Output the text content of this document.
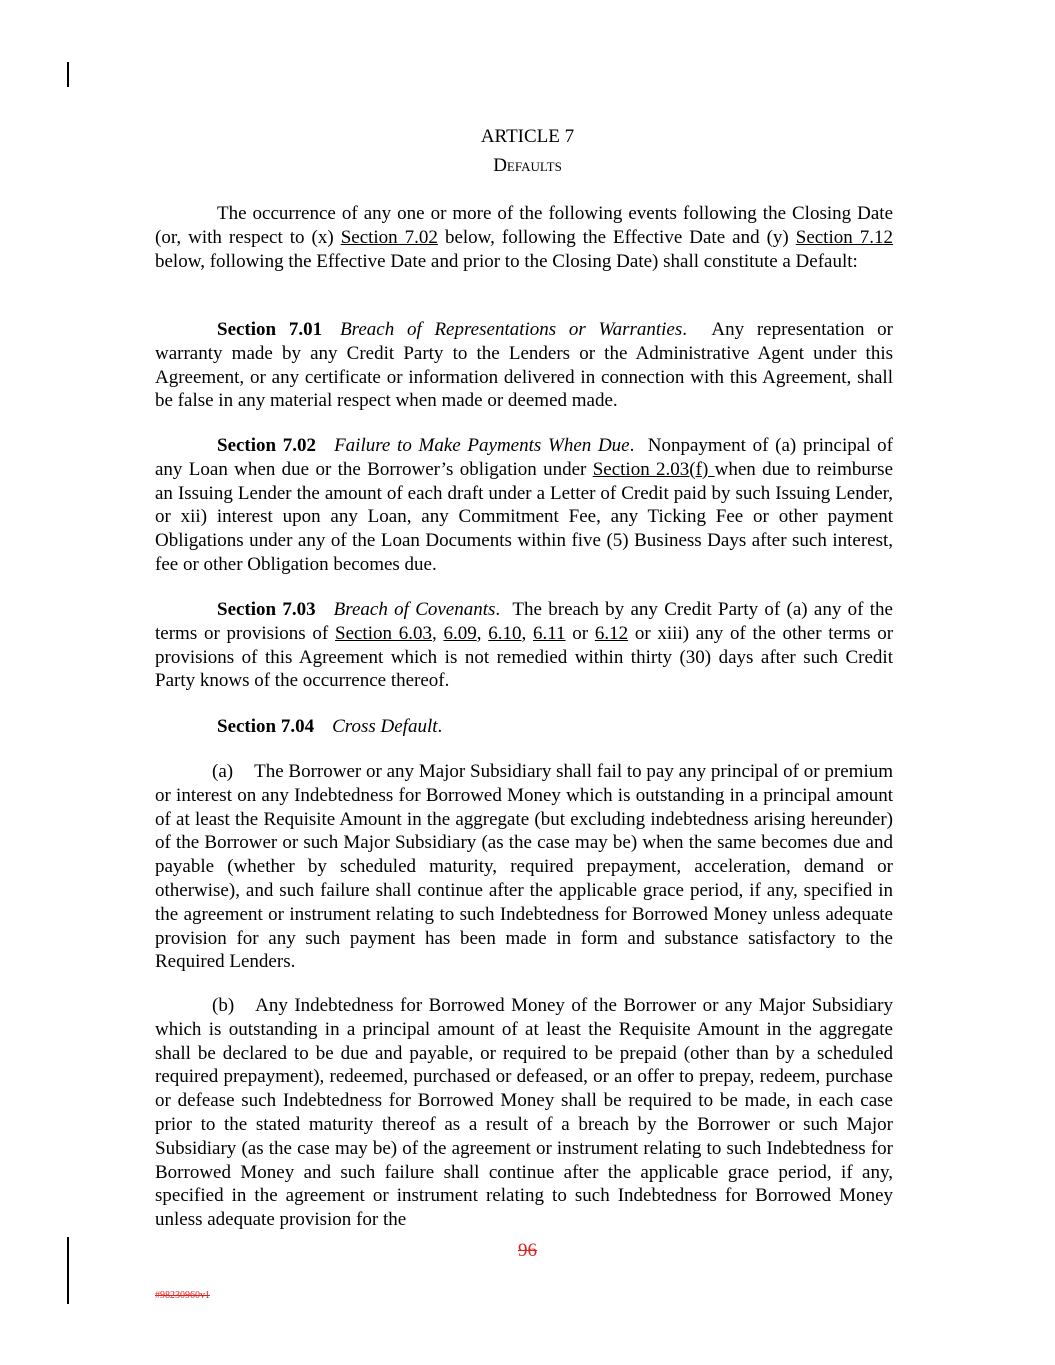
ARTICLE 7
Defaults

The occurrence of any one or more of the following events following the Closing Date (or, with respect to (x) Section 7.02 below, following the Effective Date and (y) Section 7.12 below, following the Effective Date and prior to the Closing Date) shall constitute a Default:

Section 7.01 Breach of Representations or Warranties.  Any representation or warranty made by any Credit Party to the Lenders or the Administrative Agent under this Agreement, or any certificate or information delivered in connection with this Agreement, shall be false in any material respect when made or deemed made.

Section 7.02 Failure to Make Payments When Due.  Nonpayment of (a) principal of any Loan when due or the Borrower’s obligation under Section 2.03(f) when due to reimburse an Issuing Lender the amount of each draft under a Letter of Credit paid by such Issuing Lender, or xii) interest upon any Loan, any Commitment Fee, any Ticking Fee or other payment Obligations under any of the Loan Documents within five (5) Business Days after such interest, fee or other Obligation becomes due.

Section 7.03 Breach of Covenants.  The breach by any Credit Party of (a) any of the terms or provisions of Section 6.03, 6.09, 6.10, 6.11 or 6.12 or xiii) any of the other terms or provisions of this Agreement which is not remedied within thirty (30) days after such Credit Party knows of the occurrence thereof.

Section 7.04 Cross Default.

(a) The Borrower or any Major Subsidiary shall fail to pay any principal of or premium or interest on any Indebtedness for Borrowed Money which is outstanding in a principal amount of at least the Requisite Amount in the aggregate (but excluding indebtedness arising hereunder) of the Borrower or such Major Subsidiary (as the case may be) when the same becomes due and payable (whether by scheduled maturity, required prepayment, acceleration, demand or otherwise), and such failure shall continue after the applicable grace period, if any, specified in the agreement or instrument relating to such Indebtedness for Borrowed Money unless adequate provision for any such payment has been made in form and substance satisfactory to the Required Lenders.

(b) Any Indebtedness for Borrowed Money of the Borrower or any Major Subsidiary which is outstanding in a principal amount of at least the Requisite Amount in the aggregate shall be declared to be due and payable, or required to be prepaid (other than by a scheduled required prepayment), redeemed, purchased or defeased, or an offer to prepay, redeem, purchase or defease such Indebtedness for Borrowed Money shall be required to be made, in each case prior to the stated maturity thereof as a result of a breach by the Borrower or such Major Subsidiary (as the case may be) of the agreement or instrument relating to such Indebtedness for Borrowed Money and such failure shall continue after the applicable grace period, if any, specified in the agreement or instrument relating to such Indebtedness for Borrowed Money unless adequate provision for the

96
#98230960v1
